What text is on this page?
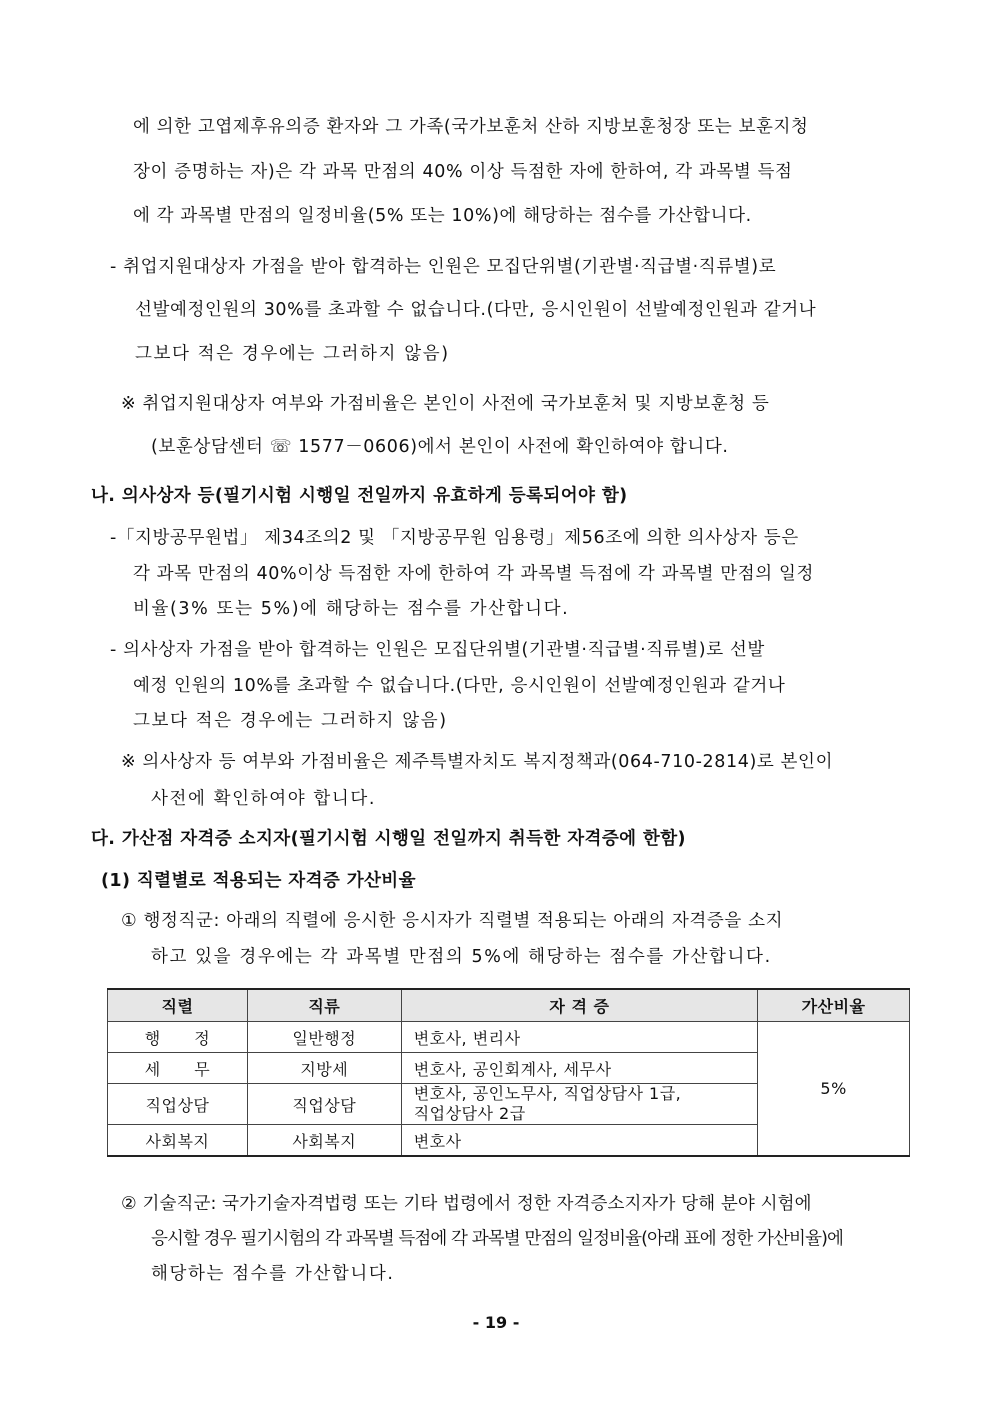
에 의한 고엽제후유의증 환자와 그 가족(국가보훈처 산하 지방보훈청장 또는 보훈지청
장이 증명하는 자)은 각 과목 만점의 40% 이상 득점한 자에 한하여, 각 과목별 득점
에 각 과목별 만점의 일정비율(5% 또는 10%)에 해당하는 점수를 가산합니다.
- 취업지원대상자 가점을 받아 합격하는 인원은 모집단위별(기관별·직급별·직류별)로
선발예정인원의 30%를 초과할 수 없습니다.(다만, 응시인원이 선발예정인원과 같거나
그보다 적은 경우에는 그러하지 않음)
※ 취업지원대상자 여부와 가점비율은 본인이 사전에 국가보훈처 및 지방보훈청 등
(보훈상담센터 ☏ 1577－0606)에서 본인이 사전에 확인하여야 합니다.
나. 의사상자 등(필기시험 시행일 전일까지 유효하게 등록되어야 함)
-「지방공무원법」 제34조의2 및 「지방공무원 임용령」제56조에 의한 의사상자 등은
각 과목 만점의 40%이상 득점한 자에 한하여 각 과목별 득점에 각 과목별 만점의 일정
비율(3% 또는 5%)에 해당하는 점수를 가산합니다.
- 의사상자 가점을 받아 합격하는 인원은 모집단위별(기관별·직급별·직류별)로 선발
예정 인원의 10%를 초과할 수 없습니다.(다만, 응시인원이 선발예정인원과 같거나
그보다 적은 경우에는 그러하지 않음)
※ 의사상자 등 여부와 가점비율은 제주특별자치도 복지정책과(064-710-2814)로 본인이
사전에 확인하여야 합니다.
다. 가산점 자격증 소지자(필기시험 시행일 전일까지 취득한 자격증에 한함)
(1) 직렬별로 적용되는 자격증 가산비율
① 행정직군: 아래의 직렬에 응시한 응시자가 직렬별 적용되는 아래의 자격증을 소지
하고 있을 경우에는 각 과목별 만점의 5%에 해당하는 점수를 가산합니다.
직렬	직류	자 격 증	가산비율
행      정	일반행정	변호사, 변리사	5%
세      무	지방세	변호사, 공인회계사, 세무사	
직업상담	직업상담	변호사, 공인노무사, 직업상담사 1급,
직업상담사 2급	

사회복지	사회복지	변호사	
② 기술직군: 국가기술자격법령 또는 기타 법령에서 정한 자격증소지자가 당해 분야 시험에
응시할 경우 필기시험의 각 과목별 득점에 각 과목별 만점의 일정비율(아래 표에 정한 가산비율)에
해당하는 점수를 가산합니다.
- 19 -
